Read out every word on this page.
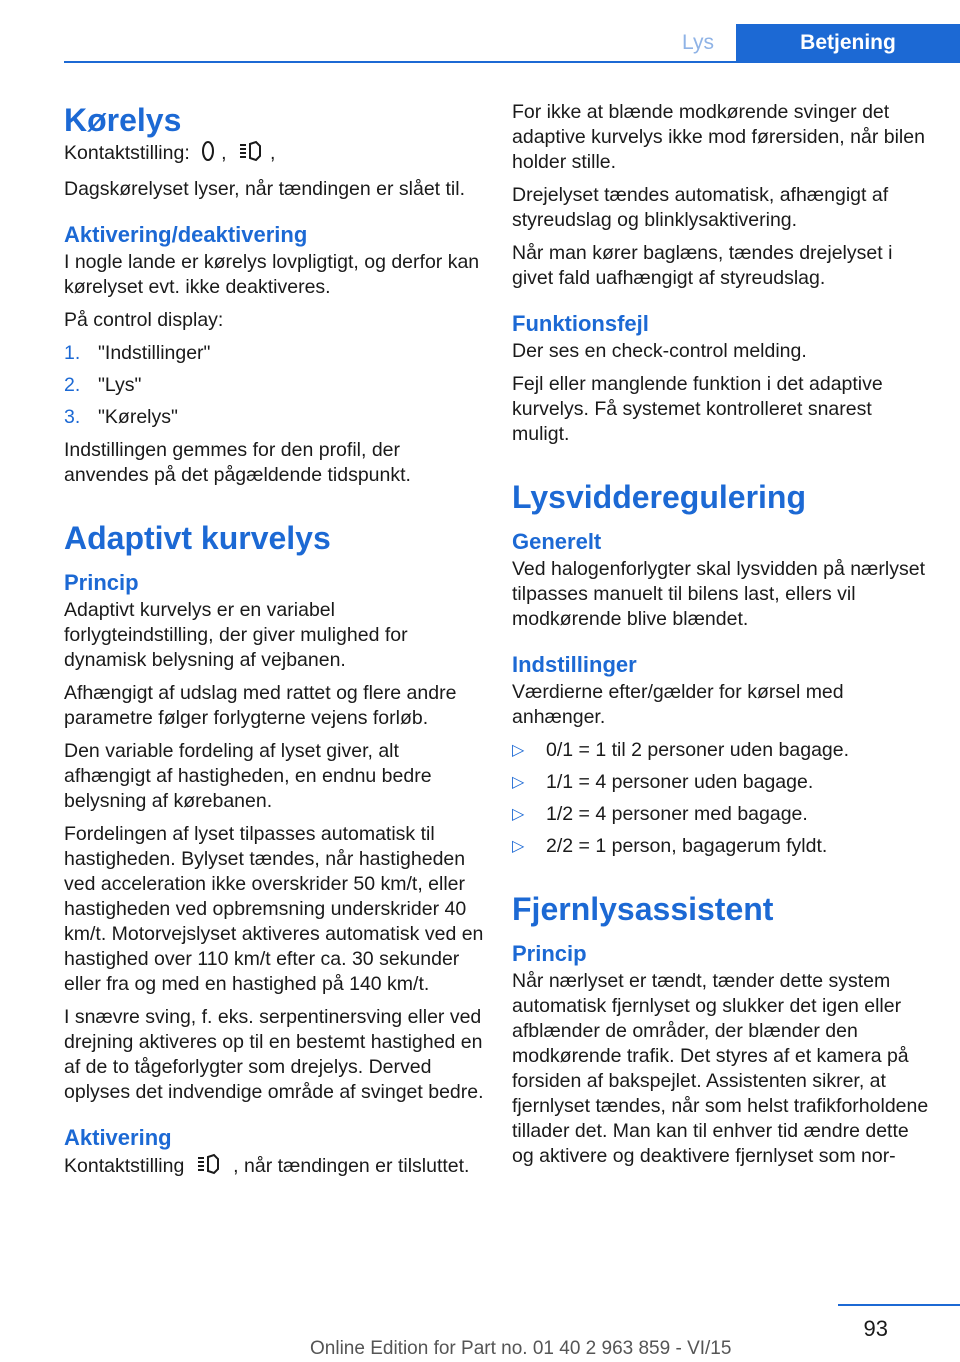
Lys	Betjening
Kørelys

Kontaktstilling: , ,

Dagskørelyset lyser, når tændingen er slået til.

Aktivering/deaktivering

I nogle lande er kørelys lovpligtigt, og derfor kan kørelyset evt. ikke deaktiveres.

På control display:

1. "Indstillinger"
2. "Lys"
3. "Kørelys"

Indstillingen gemmes for den profil, der anvendes på det pågældende tidspunkt.

Adaptivt kurvelys
Princip

Adaptivt kurvelys er en variabel forlygteindstilling, der giver mulighed for dynamisk belysning af vejbanen.

Afhængigt af udslag med rattet og flere andre parametre følger forlygterne vejens forløb.

Den variable fordeling af lyset giver, alt afhængigt af hastigheden, en endnu bedre belysning af kørebanen.

Fordelingen af lyset tilpasses automatisk til hastigheden. Bylyset tændes, når hastigheden ved acceleration ikke overskrider 50 km/t, eller hastigheden ved opbremsning underskrider 40 km/t. Motorvejslyset aktiveres automatisk ved en hastighed over 110 km/t efter ca. 30 sekunder eller fra og med en hastighed på 140 km/t.

I snævre sving, f. eks. serpentinersving eller ved drejning aktiveres op til en bestemt hastighed en af de to tågeforlygter som drejelys. Derved oplyses det indvendige område af svinget bedre.

Aktivering

Kontaktstilling	, når tændingen er tilsluttet.

For ikke at blænde modkørende svinger det adaptive kurvelys ikke mod førersiden, når bilen holder stille.

Drejelyset tændes automatisk, afhængigt af styreudslag og blinklysaktivering.

Når man kører baglæns, tændes drejelyset i givet fald uafhængigt af styreudslag.

Funktionsfejl

Der ses en check-control melding.

Fejl eller manglende funktion i det adaptive kurvelys. Få systemet kontrolleret snarest muligt.

Lysvidderegulering
Generelt

Ved halogenforlygter skal lysvidden på nærlyset tilpasses manuelt til bilens last, ellers vil modkørende blive blændet.

Indstillinger

Værdierne efter/gælder for kørsel med anhænger.

▷	0/1 = 1 til 2 personer uden bagage.
▷	1/1 = 4 personer uden bagage.
▷	1/2 = 4 personer med bagage.
▷	2/2 = 1 person, bagagerum fyldt.
Fjernlysassistent
Princip

Når nærlyset er tændt, tænder dette system automatisk fjernlyset og slukker det igen eller afblænder de områder, der blænder den modkørende trafik. Det styres af et kamera på forsiden af bakspejlet. Assistenten sikrer, at fjernlyset tændes, når som helst trafikforholdene tillader det. Man kan til enhver tid ændre dette og aktivere og deaktivere fjernlyset som nor-

93
Online Edition for Part no. 01 40 2 963 859 - VI/15
